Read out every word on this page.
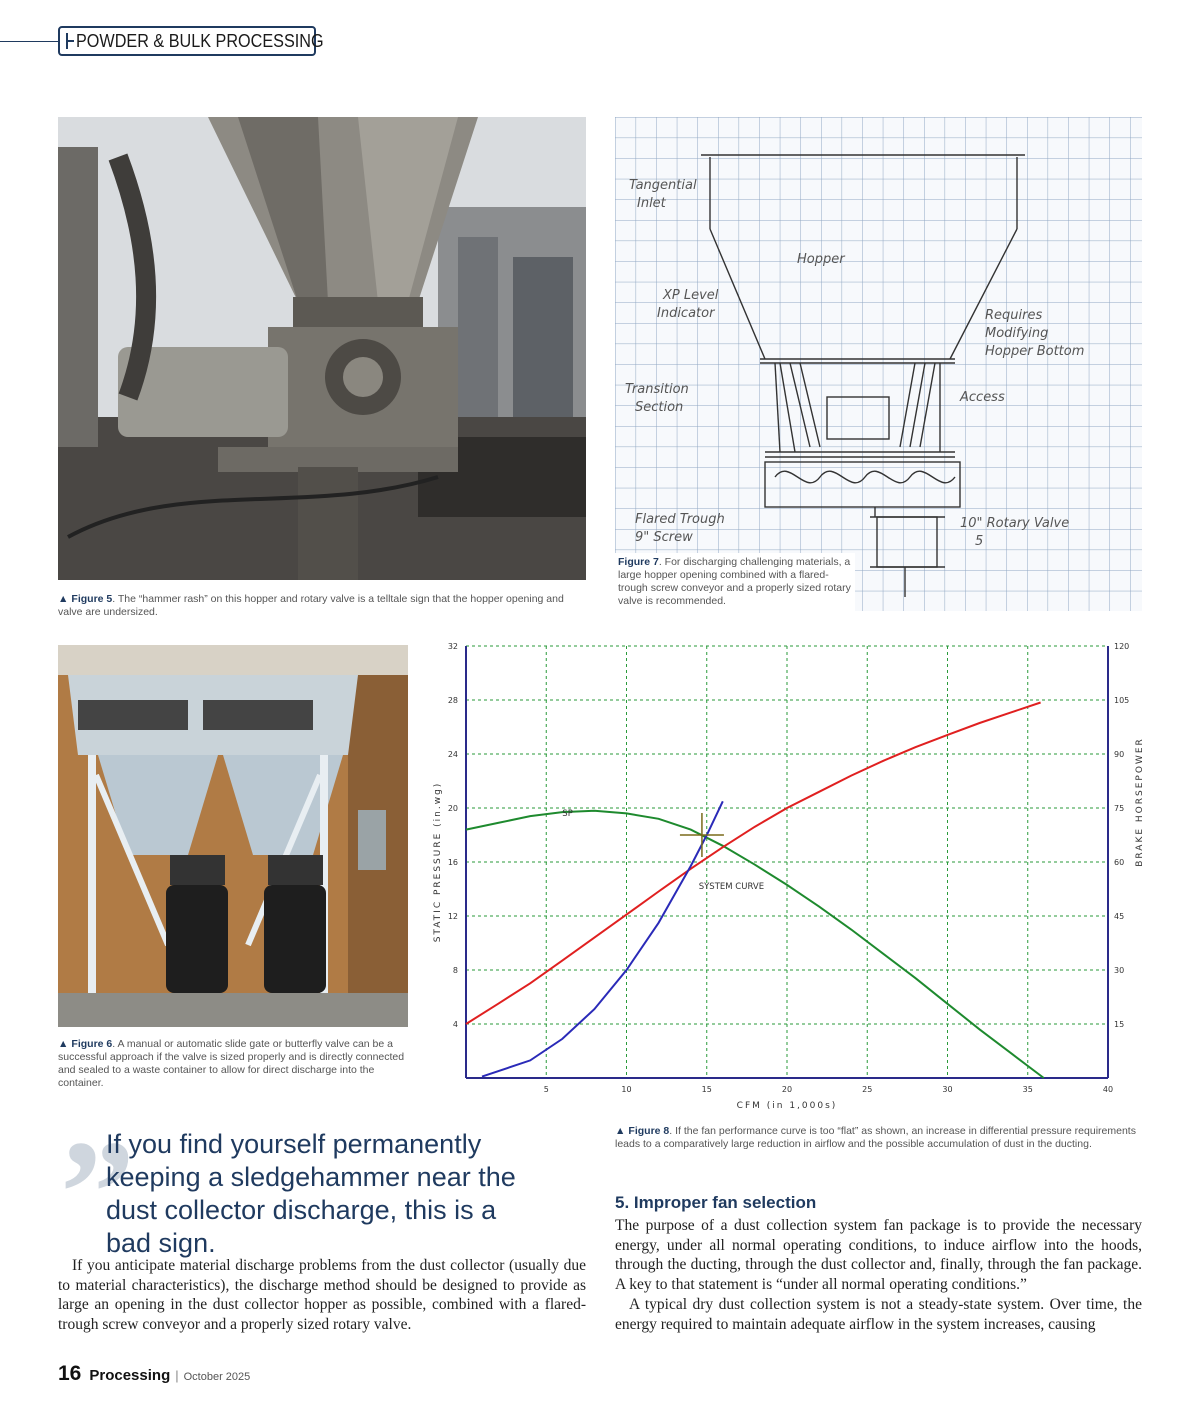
POWDER & BULK PROCESSING
▲ Figure 5. The “hammer rash” on this hopper and rotary valve is a telltale sign that the hopper opening and valve are undersized.
Tangential
Inlet
Hopper
XP Level
Indicator	Requires
Modifying
Hopper Bottom
Transition
Section
Access
Flared Trough
9" Screw
10" Rotary Valve
5
Figure 7. For discharging challenging materials, a large hopper opening combined with a flared-trough screw conveyor and a properly sized rotary valve is recommended.
▲ Figure 6. A manual or automatic slide gate or butterfly valve can be a successful approach if the valve is sized properly and is directly connected and sealed to a waste container to allow for direct discharge into the container.
5	10	15	20	25	30	35	40
4
8
12
16
20
24
28
32
15
30
45
60
75
90
105
120
CFM (in 1,000s)
STATIC PRESSURE (in.wg)	BRAKE HORSEPOWER
SP
SYSTEM CURVE
▲ Figure 8. If the fan performance curve is too “flat” as shown, an increase in differential pressure requirements leads to a comparatively large reduction in airflow and the possible accumulation of dust in the ducting.
”
If you find yourself permanently keeping a sledgehammer near the dust collector discharge, this is a bad sign.

If you anticipate material discharge problems from the dust collector (usually due to material characteristics), the discharge method should be designed to provide as large an opening in the dust collector hopper as possible, combined with a flared-trough screw conveyor and a properly sized rotary valve.

5. Improper fan selection

The purpose of a dust collection system fan package is to provide the necessary energy, under all normal operating conditions, to induce airflow into the hoods, through the ducting, through the dust collector and, finally, through the fan package. A key to that statement is “under all normal operating conditions.”

A typical dry dust collection system is not a steady-state system. Over time, the energy required to maintain adequate airflow in the system increases, causing

16 Processing | October 2025
